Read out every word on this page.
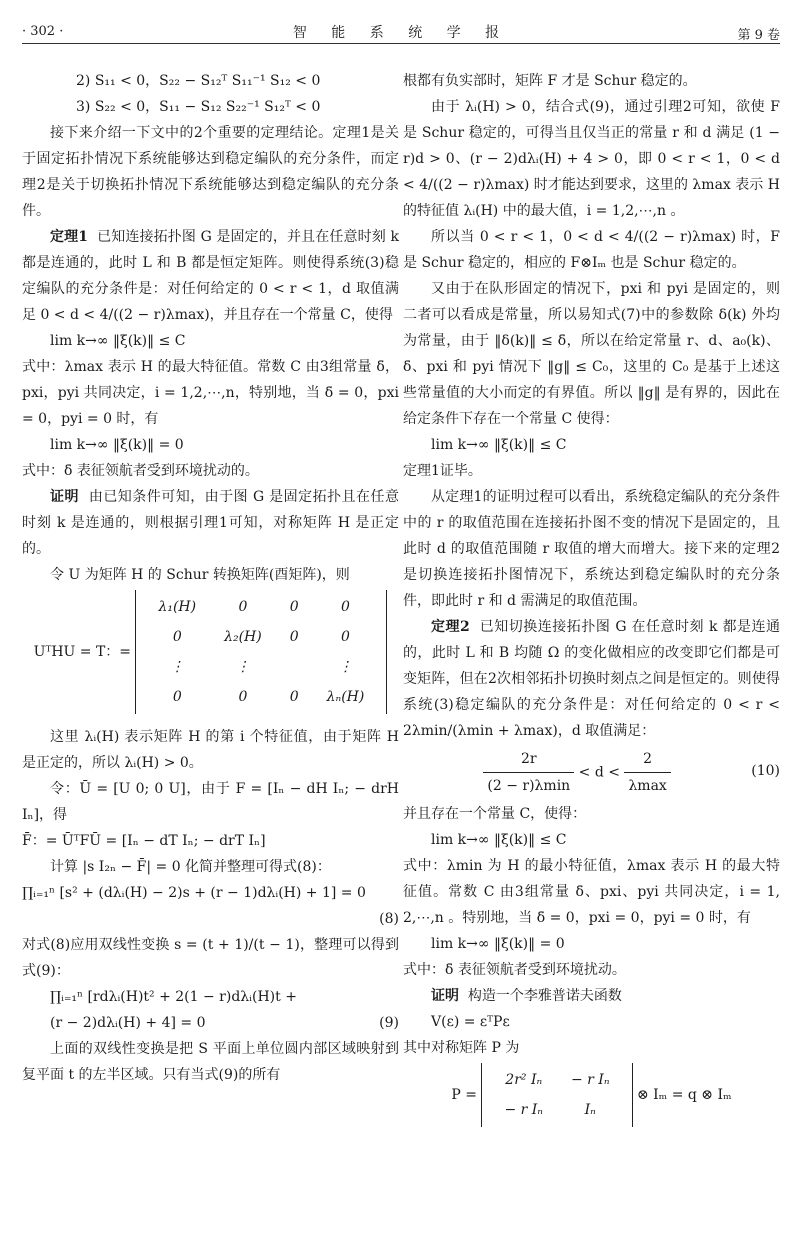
· 302 ·	智 能 系 统 学 报	第 9 卷

2) S₁₁ < 0，S₂₂ − S₁₂ᵀ S₁₁⁻¹ S₁₂ < 0

3) S₂₂ < 0，S₁₁ − S₁₂ S₂₂⁻¹ S₁₂ᵀ < 0

接下来介绍一下文中的2个重要的定理结论。定理1是关于固定拓扑情况下系统能够达到稳定编队的充分条件，而定理2是关于切换拓扑情况下系统能够达到稳定编队的充分条件。

定理1 已知连接拓扑图 G 是固定的，并且在任意时刻 k 都是连通的，此时 L 和 B 都是恒定矩阵。则使得系统(3)稳定编队的充分条件是：对任何给定的 0 < r < 1，d 取值满足 0 < d < 4/((2 − r)λmax)，并且存在一个常量 C，使得

lim k→∞ ‖ξ(k)‖ ≤ C

式中：λmax 表示 H 的最大特征值。常数 C 由3组常量 δ̄，pxi，pyi 共同决定，i = 1,2,⋯,n，特别地，当 δ̄ = 0，pxi = 0，pyi = 0 时，有

lim k→∞ ‖ξ(k)‖ = 0

式中：δ̄ 表征领航者受到环境扰动的。

证明 由已知条件可知，由于图 G 是固定拓扑且在任意时刻 k 是连通的，则根据引理1可知，对称矩阵 H 是正定的。

令 U 为矩阵 H 的 Schur 转换矩阵(酉矩阵)，则

UᵀHU = T：=
λ₁(H)	0	0	0
0	λ₂(H)	0	0
⋮	⋮		⋮
0	0	0	λₙ(H)

这里 λᵢ(H) 表示矩阵 H 的第 i 个特征值，由于矩阵 H 是正定的，所以 λᵢ(H) > 0。

令：Ū = [U 0; 0 U]，由于 F = [Iₙ − dH Iₙ; − drH Iₙ]，得

F̄：= ŪᵀFŪ = [Iₙ − dT Iₙ; − drT Iₙ]

计算 |s I₂ₙ − F̄| = 0 化简并整理可得式(8)：

∏ᵢ₌₁ⁿ [s² + (dλᵢ(H) − 2)s + (r − 1)dλᵢ(H) + 1] = 0

(8)

对式(8)应用双线性变换 s = (t + 1)/(t − 1)，整理可以得到式(9)：

∏ᵢ₌₁ⁿ [rdλᵢ(H)t² + 2(1 − r)dλᵢ(H)t +

(r − 2)dλᵢ(H) + 4] = 0	(9)

上面的双线性变换是把 S 平面上单位圆内部区域映射到复平面 t 的左半区域。只有当式(9)的所有

根都有负实部时，矩阵 F 才是 Schur 稳定的。

由于 λᵢ(H) > 0，结合式(9)，通过引理2可知，欲使 F 是 Schur 稳定的，可得当且仅当正的常量 r 和 d 满足 (1 − r)d > 0、(r − 2)dλᵢ(H) + 4 > 0，即 0 < r < 1，0 < d < 4/((2 − r)λmax) 时才能达到要求，这里的 λmax 表示 H 的特征值 λᵢ(H) 中的最大值，i = 1,2,⋯,n 。

所以当 0 < r < 1，0 < d < 4/((2 − r)λmax) 时，F 是 Schur 稳定的，相应的 F⊗Iₘ 也是 Schur 稳定的。

又由于在队形固定的情况下，pxi 和 pyi 是固定的，则二者可以看成是常量，所以易知式(7)中的参数除 δ(k) 外均为常量，由于 ‖δ(k)‖ ≤ δ̄，所以在给定常量 r、d、a₀(k)、δ̄、pxi 和 pyi 情况下 ‖g‖ ≤ C₀，这里的 C₀ 是基于上述这些常量值的大小而定的有界值。所以 ‖g‖ 是有界的，因此在给定条件下存在一个常量 C 使得：

lim k→∞ ‖ξ(k)‖ ≤ C

定理1证毕。

从定理1的证明过程可以看出，系统稳定编队的充分条件中的 r 的取值范围在连接拓扑图不变的情况下是固定的，且此时 d 的取值范围随 r 取值的增大而增大。接下来的定理2是切换连接拓扑图情况下，系统达到稳定编队时的充分条件，即此时 r 和 d 需满足的取值范围。

定理2 已知切换连接拓扑图 G 在任意时刻 k 都是连通的，此时 L 和 B 均随 Ω 的变化做相应的改变即它们都是可变矩阵，但在2次相邻拓扑切换时刻点之间是恒定的。则使得系统(3)稳定编队的充分条件是：对任何给定的 0 < r < 2λmin/(λmin + λmax)，d 取值满足：

$\frac{2r}{(2 - r)\lambda\min} < d < \frac{2}{\lambda\max}$	(10)

并且存在一个常量 C，使得：

lim k→∞ ‖ξ(k)‖ ≤ C

式中：λmin 为 H 的最小特征值，λmax 表示 H 的最大特征值。常数 C 由3组常量 δ̄、pxi、pyi 共同决定，i = 1, 2,⋯,n 。特别地，当 δ̄ = 0，pxi = 0，pyi = 0 时，有

lim k→∞ ‖ξ(k)‖ = 0

式中：δ̄ 表征领航者受到环境扰动。

证明 构造一个李雅普诺夫函数

V(ε) = εᵀPε

其中对称矩阵 P 为

P =
2r² Iₙ	− r Iₙ
− r Iₙ	Iₙ
⊗ Iₘ = q ⊗ Iₘ
